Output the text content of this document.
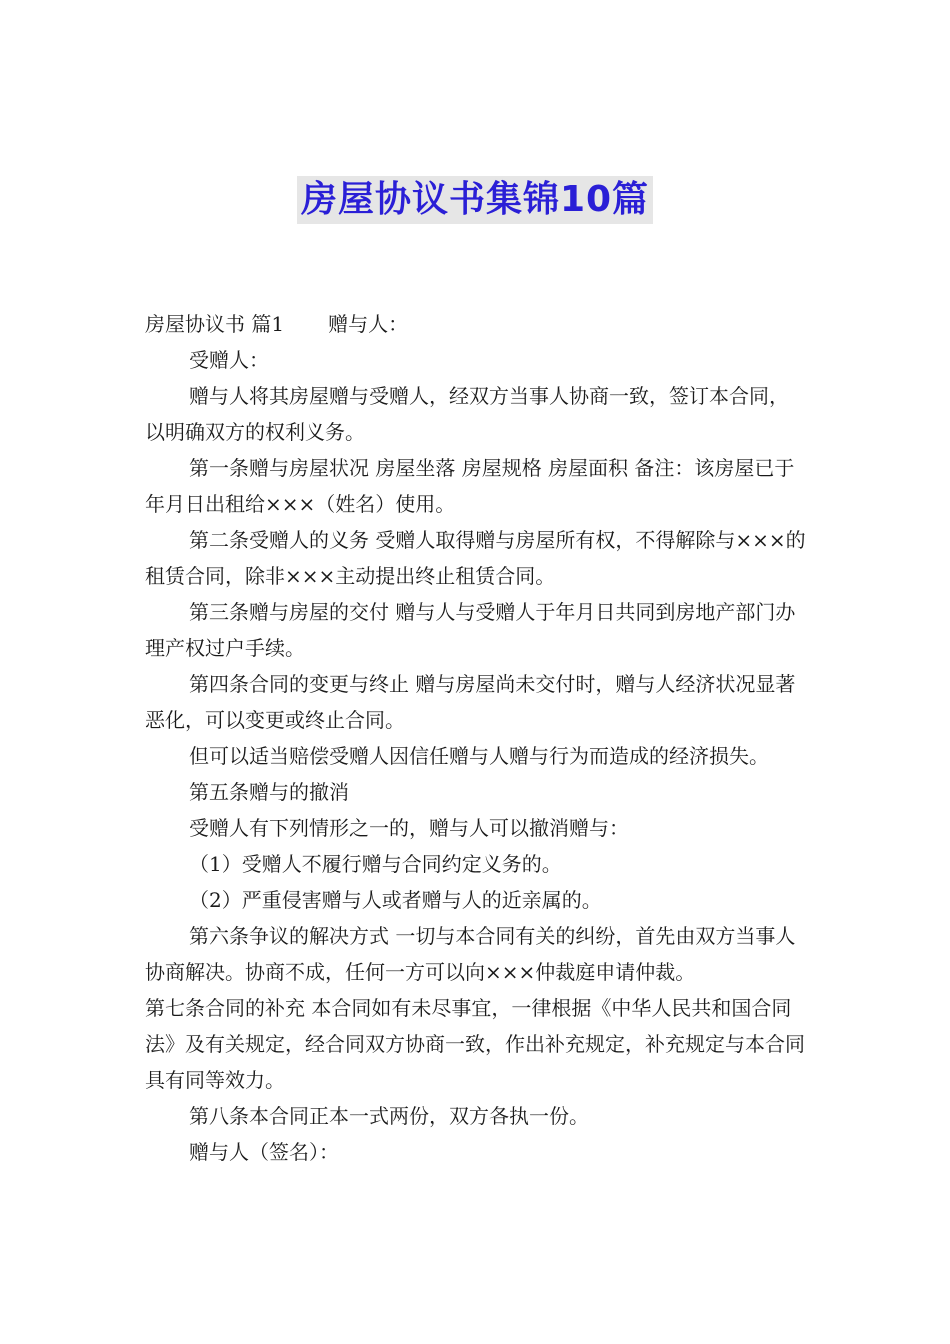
房屋协议书集锦10篇

房屋协议书 篇1 赠与人：

受赠人：

赠与人将其房屋赠与受赠人，经双方当事人协商一致，签订本合同，以明确双方的权利义务。

第一条赠与房屋状况 房屋坐落 房屋规格 房屋面积 备注：该房屋已于年月日出租给×××（姓名）使用。

第二条受赠人的义务 受赠人取得赠与房屋所有权，不得解除与×××的租赁合同，除非×××主动提出终止租赁合同。

第三条赠与房屋的交付 赠与人与受赠人于年月日共同到房地产部门办理产权过户手续。

第四条合同的变更与终止 赠与房屋尚未交付时，赠与人经济状况显著恶化，可以变更或终止合同。

但可以适当赔偿受赠人因信任赠与人赠与行为而造成的经济损失。

第五条赠与的撤消

受赠人有下列情形之一的，赠与人可以撤消赠与：

（1）受赠人不履行赠与合同约定义务的。

（2）严重侵害赠与人或者赠与人的近亲属的。

第六条争议的解决方式 一切与本合同有关的纠纷，首先由双方当事人协商解决。协商不成，任何一方可以向×××仲裁庭申请仲裁。

第七条合同的补充 本合同如有未尽事宜，一律根据《中华人民共和国合同法》及有关规定，经合同双方协商一致，作出补充规定，补充规定与本合同具有同等效力。

第八条本合同正本一式两份，双方各执一份。

赠与人（签名）：
